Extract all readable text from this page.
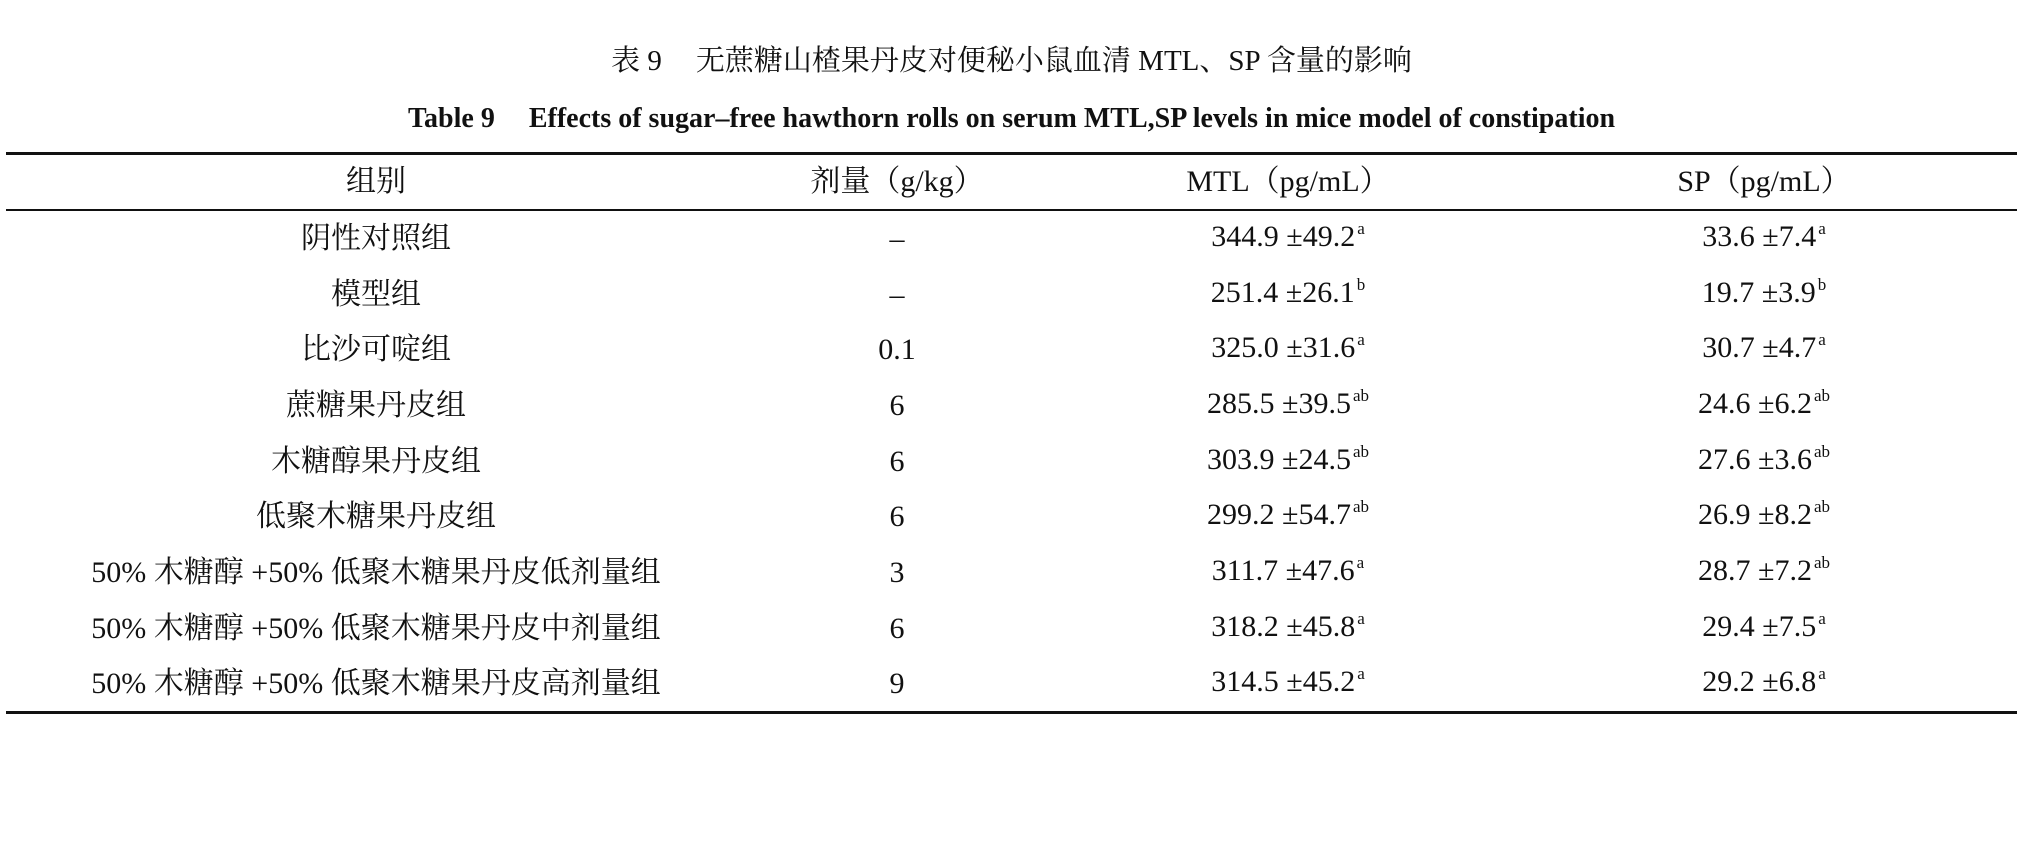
表 9 无蔗糖山楂果丹皮对便秘小鼠血清 MTL、SP 含量的影响
Table 9 Effects of sugar–free hawthorn rolls on serum MTL,SP levels in mice model of constipation
组别	剂量（g/kg）	MTL（pg/mL）	SP（pg/mL）
阴性对照组	–	344.9 ±49.2 $^a$	33.6 ±7.4 $^a$
模型组	–	251.4 ±26.1 $^b$	19.7 ±3.9 $^b$
比沙可啶组	0.1	325.0 ±31.6 $^a$	30.7 ±4.7 $^a$
蔗糖果丹皮组	6	285.5 ±39.5 $^{ab}$	24.6 ±6.2 $^{ab}$
木糖醇果丹皮组	6	303.9 ±24.5 $^{ab}$	27.6 ±3.6 $^{ab}$
低聚木糖果丹皮组	6	299.2 ±54.7 $^{ab}$	26.9 ±8.2 $^{ab}$
50% 木糖醇 +50% 低聚木糖果丹皮低剂量组	3	311.7 ±47.6 $^a$	28.7 ±7.2 $^{ab}$
50% 木糖醇 +50% 低聚木糖果丹皮中剂量组	6	318.2 ±45.8 $^a$	29.4 ±7.5 $^a$
50% 木糖醇 +50% 低聚木糖果丹皮高剂量组	9	314.5 ±45.2 $^a$	29.2 ±6.8 $^a$
